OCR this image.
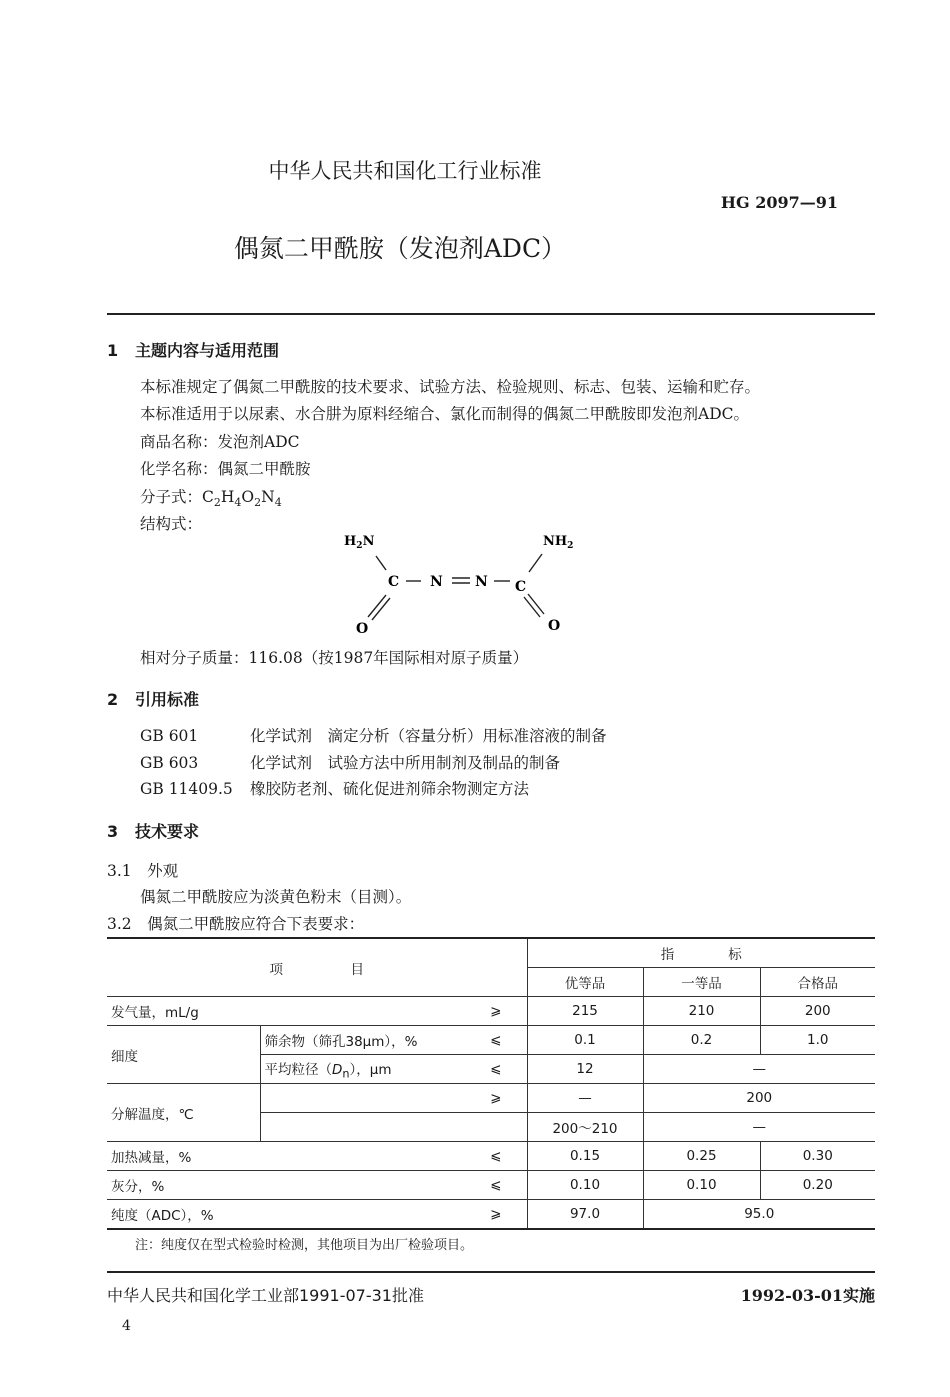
中华人民共和国化工行业标准
HG 2097—91
偶氮二甲酰胺（发泡剂ADC）
1 主题内容与适用范围
本标准规定了偶氮二甲酰胺的技术要求、试验方法、检验规则、标志、包装、运输和贮存。
本标准适用于以尿素、水合肼为原料经缩合、氯化而制得的偶氮二甲酰胺即发泡剂ADC。
商品名称：发泡剂ADC
化学名称：偶氮二甲酰胺
分子式：$C_2H_4O_2N_4$
结构式：
$H_2N$	$NH_2$
C N N C
O	O
相对分子质量：116.08（按1987年国际相对原子质量）
2 引用标准
GB 601	化学试剂　滴定分析（容量分析）用标准溶液的制备
GB 603	化学试剂　试验方法中所用制剂及制品的制备
GB 11409.5 橡胶防老剂、硫化促进剂筛余物测定方法
3 技术要求
3.1　 外观
偶氮二甲酰胺应为淡黄色粉末（目测）。
3.2　 偶氮二甲酰胺应符合下表要求：
项　　　　　目			指　　　　标		
			优等品	一等品	合格品
发气量，mL/g		⩾	215	210	200
细度	筛余物（筛孔38μm），%	⩽	0.1	0.2	1.0
	平均粒径$(D_n)$，μm	⩽	12	—	
分解温度，℃		⩾	—	200	
			200～210	—	
加热减量，%		⩽	0.15	0.25	0.30
灰分，%		⩽	0.10	0.10	0.20
纯度（ADC），%		⩾	97.0	95.0	
注：纯度仅在型式检验时检测，其他项目为出厂检验项目。
中华人民共和国化学工业部1991-07-31批准	1992-03-01实施
4
